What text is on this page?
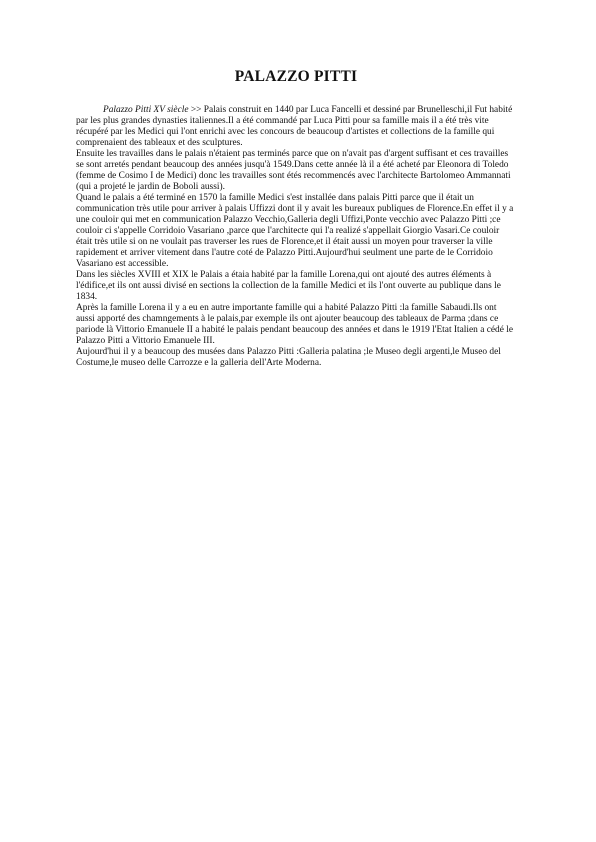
PALAZZO PITTI

Palazzo Pitti XV siècle >> Palais construit en 1440 par Luca Fancelli et dessiné par Brunelleschi,il Fut habité par les plus grandes dynasties italiennes.Il a été commandé par Luca Pitti pour sa famille mais il a été très vite récupéré par les Medici qui l'ont enrichi avec les concours de beaucoup d'artistes et collections de la famille qui comprenaient des tableaux et des sculptures.

Ensuite les travailles dans le palais n'étaient pas terminés parce que on n'avait pas d'argent suffisant et ces travailles se sont arretés pendant beaucoup des années jusqu'à 1549.Dans cette année là il a été acheté par Eleonora di Toledo (femme de Cosimo I de Medici) donc les travailles sont étés recommencés avec l'architecte Bartolomeo Ammannati (qui a projeté le jardin de Boboli aussi).

Quand le palais a été terminé en 1570 la famille Medici s'est installée dans palais Pitti parce que il était un communication très utile pour arriver à palais Uffizzi dont il y avait les bureaux publiques de Florence.En effet il y a une couloir qui met en communication Palazzo Vecchio,Galleria degli Uffizi,Ponte vecchio avec Palazzo Pitti ;ce couloir ci s'appelle Corridoio Vasariano ,parce que l'architecte qui l'a realizé s'appellait Giorgio Vasari.Ce couloir était très utile si on ne voulait pas traverser les rues de Florence,et il était aussi un moyen pour traverser la ville rapidement et arriver vitement dans l'autre coté de Palazzo Pitti.Aujourd'hui seulment une parte de le Corridoio Vasariano est accessible.

Dans les siècles XVIII et XIX le Palais a étaia habité par la famille Lorena,qui ont ajouté des autres éléments à l'édifice,et ils ont aussi divisé en sections la collection de la famille Medici et ils l'ont ouverte au publique dans le 1834.

Après la famille Lorena il y a eu en autre importante famille qui a habité Palazzo Pitti :la famille Sabaudi.Ils ont aussi apporté des chamngements à le palais,par exemple ils ont ajouter beaucoup des tableaux de Parma ;dans ce pariode là Vittorio Emanuele II a habité le palais pendant beaucoup des années et dans le 1919 l'Etat Italien a cédé le Palazzo Pitti a Vittorio Emanuele III.

Aujourd'hui il y a beaucoup des musées dans Palazzo Pitti :Galleria palatina ;le Museo degli argenti,le Museo del Costume,le museo delle Carrozze e la galleria dell'Arte Moderna.
